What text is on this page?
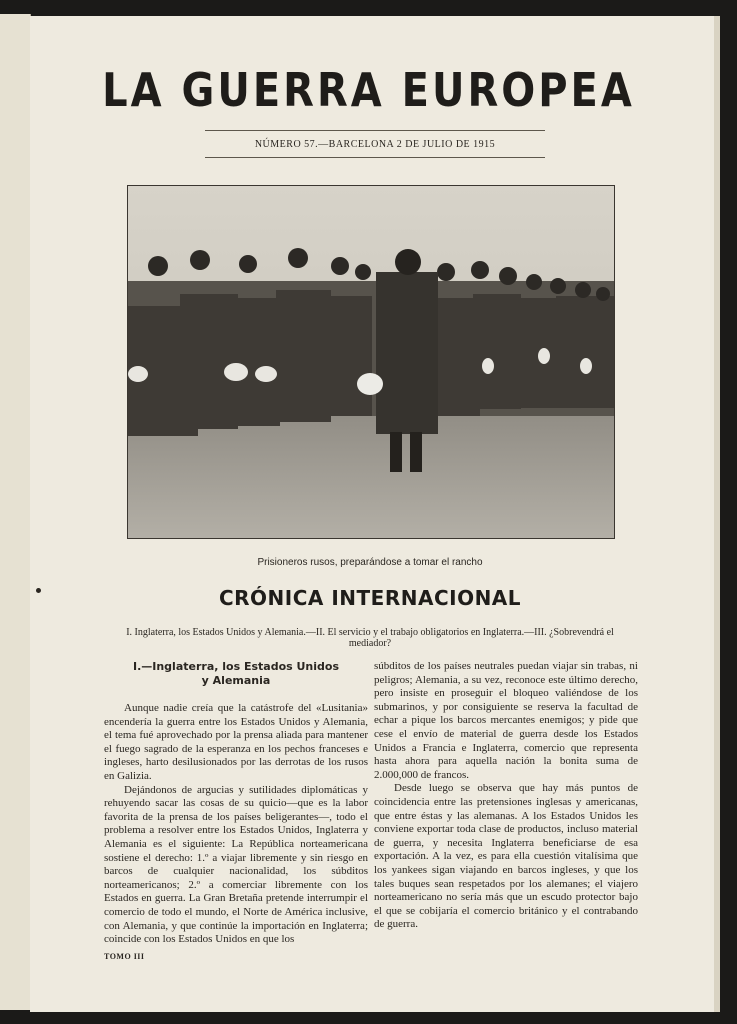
LA GUERRA EUROPEA
NÚMERO 57.—BARCELONA 2 DE JULIO DE 1915
Prisioneros rusos, preparándose a tomar el rancho
CRÓNICA INTERNACIONAL
I. Inglaterra, los Estados Unidos y Alemania.—II. El servicio y el trabajo obligatorios en Inglaterra.—III. ¿Sobrevendrá el mediador?
I.—Inglaterra, los Estados Unidos
y Alemania

Aunque nadie creía que la catástrofe del «Lusitania» encendería la guerra entre los Estados Unidos y Alemania, el tema fué aprovechado por la prensa aliada para mantener el fuego sagrado de la esperanza en los pechos franceses e ingleses, harto desilusionados por las derrotas de los rusos en Galizia.

Dejándonos de argucias y sutilidades diplomáticas y rehuyendo sacar las cosas de su quicio—que es la labor favorita de la prensa de los países beligerantes—, todo el problema a resolver entre los Estados Unidos, Inglaterra y Alemania es el siguiente: La República norteamericana sostiene el derecho: 1.º a viajar libremente y sin riesgo en barcos de cualquier nacionalidad, los súbditos norteamericanos; 2.º a comerciar libremente con los Estados en guerra. La Gran Bretaña pretende interrumpir el comercio de todo el mundo, el Norte de América inclusive, con Alemania, y que continúe la importación en Inglaterra; coincide con los Estados Unidos en que los

súbditos de los países neutrales puedan viajar sin trabas, ni peligros; Alemania, a su vez, reconoce este último derecho, pero insiste en proseguir el bloqueo valiéndose de los submarinos, y por consiguiente se reserva la facultad de echar a pique los barcos mercantes enemigos; y pide que cese el envío de material de guerra desde los Estados Unidos a Francia e Inglaterra, comercio que representa hasta ahora para aquella nación la bonita suma de 2.000,000 de francos.

Desde luego se observa que hay más puntos de coincidencia entre las pretensiones inglesas y americanas, que entre éstas y las alemanas. A los Estados Unidos les conviene exportar toda clase de productos, incluso material de guerra, y necesita Inglaterra beneficiarse de esa exportación. A la vez, es para ella cuestión vitalísima que los yankees sigan viajando en barcos ingleses, y que los tales buques sean respetados por los alemanes; el viajero norteamericano no sería más que un escudo protector bajo el que se cobijaría el comercio británico y el contrabando de guerra.

TOMO III
